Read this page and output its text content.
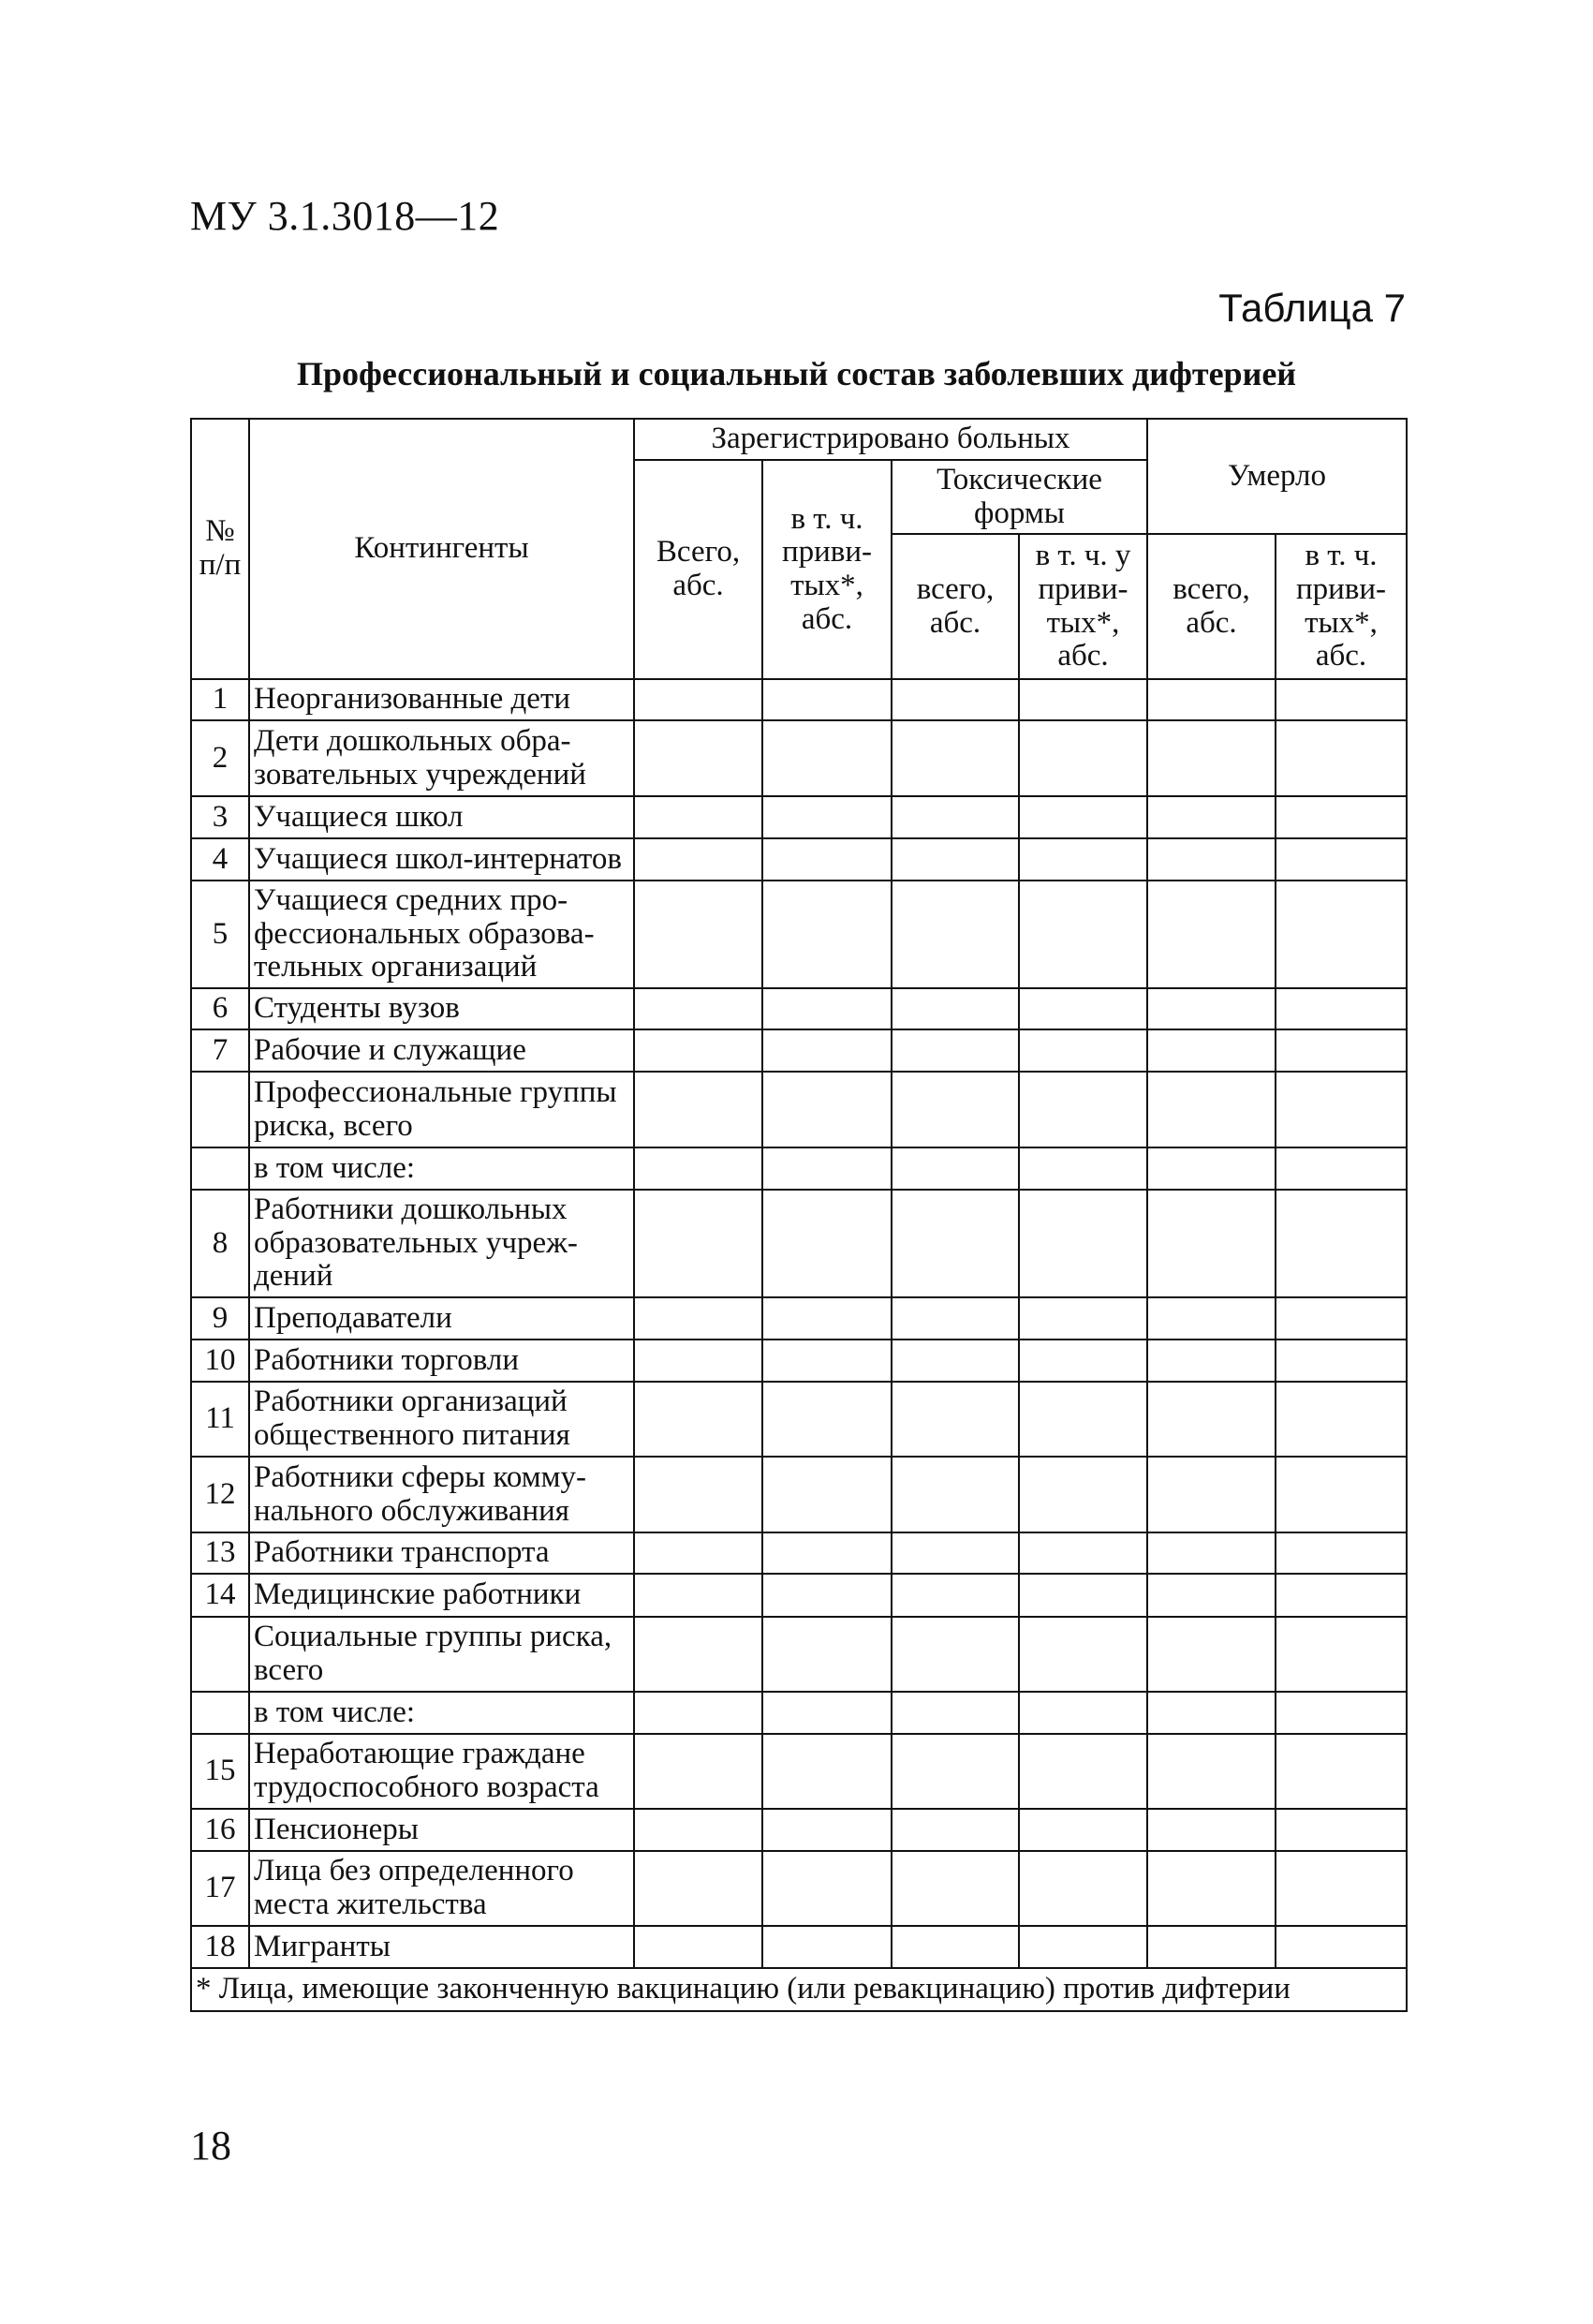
МУ 3.1.3018—12
Таблица 7
Профессиональный и социальный состав заболевших дифтерией
№ п/п	Контингенты	Зарегистрировано больных				Умерло	
		Всего, абс.	в т. ч. приви- тых*, абс.	Токсические формы			
				всего, абс.	в т. ч. у приви- тых*, абс.	всего, абс.	в т. ч. приви- тых*, абс.
1	Неорганизованные дети						
2	Дети дошкольных обра- зовательных учреждений						
3	Учащиеся школ						
4	Учащиеся школ-интернатов						
5	Учащиеся средних про- фессиональных образова- тельных организаций						
6	Студенты вузов						
7	Рабочие и служащие						
	Профессиональные группы риска, всего						
	в том числе:						
8	Работники дошкольных образовательных учреж- дений						
9	Преподаватели						
10	Работники торговли						
11	Работники организаций общественного питания						
12	Работники сферы комму- нального обслуживания						
13	Работники транспорта						
14	Медицинские работники						
	Социальные группы риска, всего						
	в том числе:						
15	Неработающие граждане трудоспособного возраста						
16	Пенсионеры						
17	Лица без определенного места жительства						
18	Мигранты						
* Лица, имеющие законченную вакцинацию (или ревакцинацию) против дифтерии							
18
